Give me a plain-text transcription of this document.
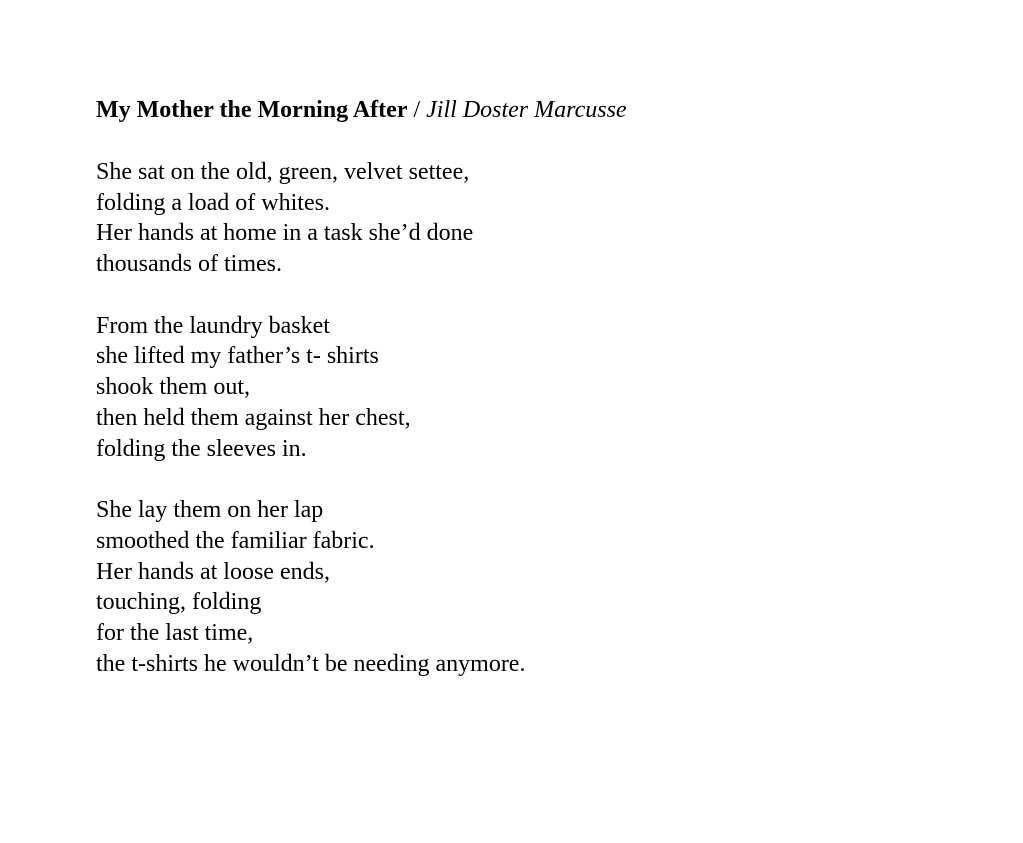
My Mother the Morning After / Jill Doster Marcusse

She sat on the old, green, velvet settee,
folding a load of whites.
Her hands at home in a task she’d done
thousands of times.
From the laundry basket
she lifted my father’s t- shirts
shook them out,
then held them against her chest,
folding the sleeves in.
She lay them on her lap
smoothed the familiar fabric.
Her hands at loose ends,
touching, folding
for the last time,
the t-shirts he wouldn’t be needing anymore.
